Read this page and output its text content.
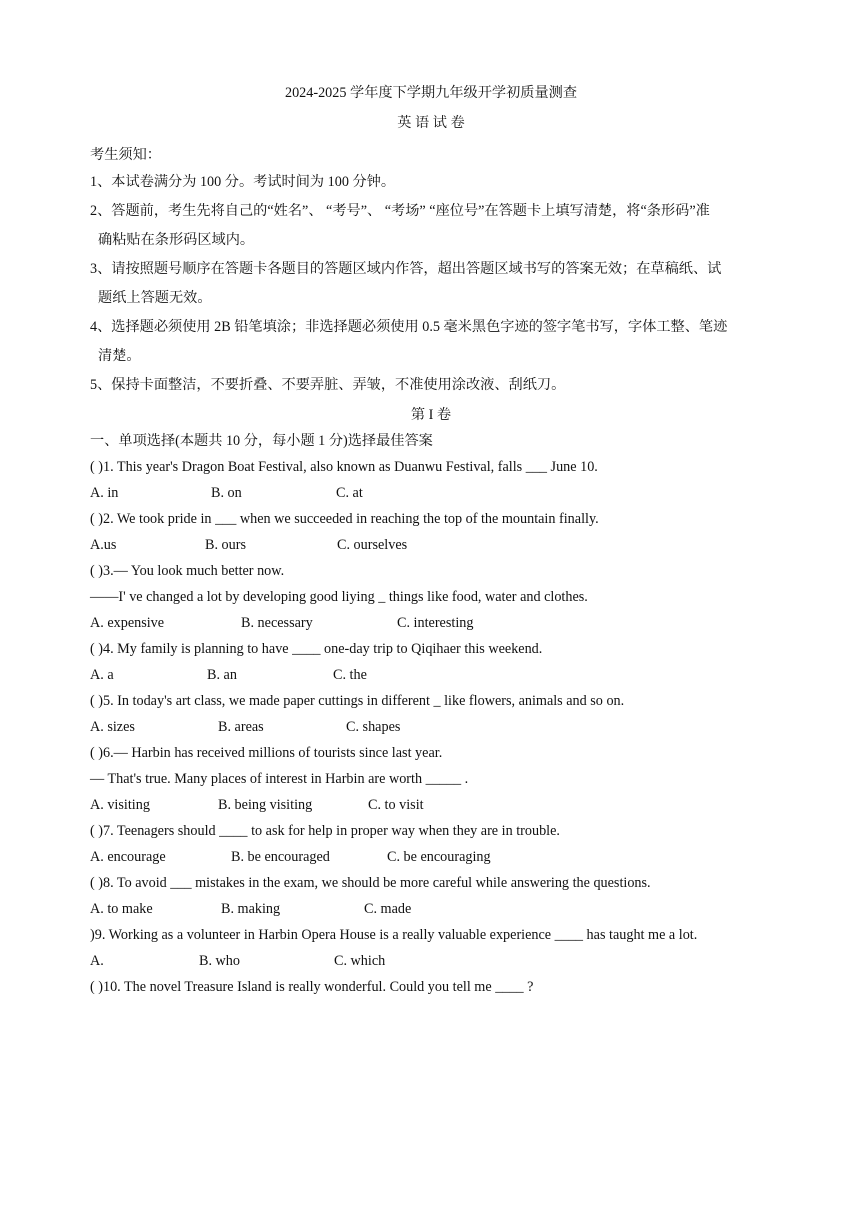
2024-2025 学年度下学期九年级开学初质量测查
英 语 试 卷
考生须知：
1、本试卷满分为 100 分。考试时间为 100 分钟。
2、答题前，考生先将自己的“姓名”、 “考号”、 “考场” “座位号”在答题卡上填写清楚，将“条形码”准
确粘贴在条形码区域内。
3、请按照题号顺序在答题卡各题目的答题区域内作答，超出答题区域书写的答案无效；在草稿纸、试
题纸上答题无效。
4、选择题必须使用 2B 铅笔填涂；非选择题必须使用 0.5 毫米黑色字迹的签字笔书写，字体工整、笔迹
清楚。
5、保持卡面整洁，不要折叠、不要弄脏、弄皱，不准使用涂改液、刮纸刀。
第 I 卷
一、单项选择(本题共 10 分，每小题 1 分)选择最佳答案
( )1. This year's Dragon Boat Festival, also known as Duanwu Festival, falls ___ June 10.
A. in	B. on	C. at
( )2. We took pride in ___ when we succeeded in reaching the top of the mountain finally.
A.us	B. ours	C. ourselves
( )3.— You look much better now.
——I' ve changed a lot by developing good liying _ things like food, water and clothes.
A. expensive	B. necessary	C. interesting
( )4. My family is planning to have ____ one-day trip to Qiqihaer this weekend.
A. a	B. an	C. the
( )5. In today's art class, we made paper cuttings in different _ like flowers, animals and so on.
A. sizes	B. areas	C. shapes
( )6.— Harbin has received millions of tourists since last year.
— That's true. Many places of interest in Harbin are worth _____ .
A. visiting	B. being visiting	C. to visit
( )7. Teenagers should ____ to ask for help in proper way when they are in trouble.
A. encourage	B. be encouraged	C. be encouraging
( )8. To avoid ___ mistakes in the exam, we should be more careful while answering the questions.
A. to make	B. making	C. made
)9. Working as a volunteer in Harbin Opera House is a really valuable experience ____ has taught me a lot.
A.	B. who	C. which
( )10. The novel Treasure Island is really wonderful. Could you tell me ____ ?
